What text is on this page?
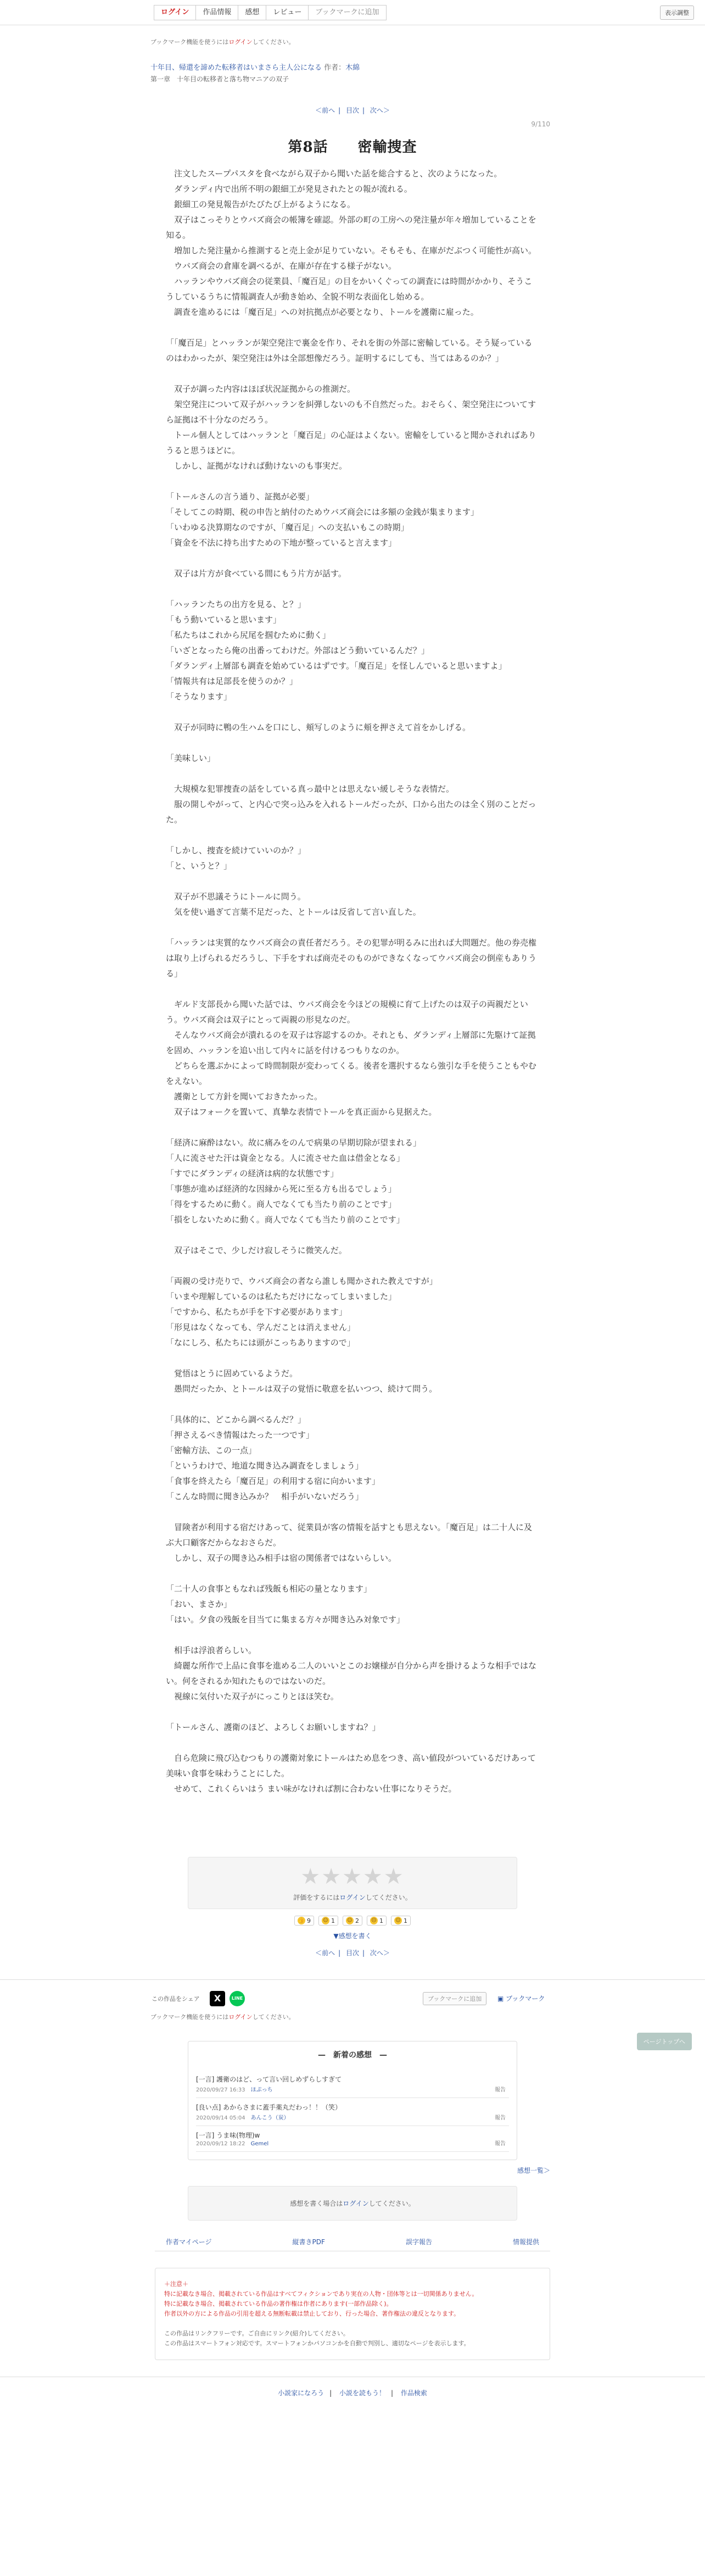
ログイン	作品情報	感想	レビュー	ブックマークに追加	表示調整
ブックマーク機能を使うにはログインしてください。
十年目、帰還を諦めた転移者はいまさら主人公になる 作者：木綿
第一章　十年目の転移者と落ち物マニアの双子
＜前へ | 目次 | 次へ＞
9/110
第8話　　密輸捜査

　注文したスープパスタを食べながら双子から聞いた話を総合すると、次のようになった。

　ダランディ内で出所不明の銀細工が発見されたとの報が流れる。

　銀細工の発見報告がたびたび上がるようになる。

　双子はこっそりとウバズ商会の帳簿を確認。外部の町の工房への発注量が年々増加していることを知る。

　増加した発注量から推測すると売上金が足りていない。そもそも、在庫がだぶつく可能性が高い。

　ウバズ商会の倉庫を調べるが、在庫が存在する様子がない。

　ハッランやウバズ商会の従業員、「魔百足」の目をかいくぐっての調査には時間がかかり、そうこうしているうちに情報調査人が動き始め、全貌不明な表面化し始める。

　調査を進めるには「魔百足」への対抗拠点が必要となり、トールを護衛に雇った。

「「魔百足」とハッランが架空発注で裏金を作り、それを街の外部に密輸している。そう疑っているのはわかったが、架空発注は外は全部想像だろう。証明するにしても、当てはあるのか？」

　双子が調った内容はほぼ状況証拠からの推測だ。

　架空発注について双子がハッランを糾弾しないのも不自然だった。おそらく、架空発注についてすら証拠は不十分なのだろう。

　トール個人としてはハッランと「魔百足」の心証はよくない。密輸をしていると聞かされればありうると思うほどに。

　しかし、証拠がなければ動けないのも事実だ。

「トールさんの言う通り、証拠が必要」

「そしてこの時期、税の申告と納付のためウバズ商会には多額の金銭が集まります」

「いわゆる決算期なのですが、「魔百足」への支払いもこの時期」

「資金を不法に持ち出すための下地が整っていると言えます」

　双子は片方が食べている間にもう片方が話す。

「ハッランたちの出方を見る、と？」

「もう動いていると思います」

「私たちはこれから尻尾を掴むために動く」

「いざとなったら俺の出番ってわけだ。外部はどう動いているんだ？」

「ダランディ上層部も調査を始めているはずです。「魔百足」を怪しんでいると思いますよ」

「情報共有は足部長を使うのか？」

「そうなります」

　双子が同時に鴨の生ハムを口にし、頬写しのように頬を押さえて首をかしげる。

「美味しい」

　大規模な犯罪捜査の話をしている真っ最中とは思えない緩しそうな表情だ。

　服の開しやがって、と内心で突っ込みを入れるトールだったが、口から出たのは全く別のことだった。

「しかし、捜査を続けていいのか？」

「と、いうと？」

　双子が不思議そうにトールに問う。

　気を使い過ぎて言葉不足だった、とトールは反省して言い直した。

「ハッランは実質的なウバズ商会の責任者だろう。その犯罪が明るみに出れば大問題だ。他の券売権は取り上げられるだろうし、下手をすれば商売そのものができなくなってウバズ商会の倒産もありうる」

　ギルド支部長から聞いた話では、ウバズ商会を今ほどの規模に育て上げたのは双子の両親だという。ウバズ商会は双子にとって両親の形見なのだ。

　そんなウバズ商会が潰れるのを双子は容認するのか。それとも、ダランディ上層部に先駆けて証拠を固め、ハッランを追い出して内々に話を付けるつもりなのか。

　どちらを選ぶかによって時間制限が変わってくる。後者を選択するなら強引な手を使うこともやむをえない。

　護衛として方針を聞いておきたかった。

　双子はフォークを置いて、真摯な表情でトールを真正面から見据えた。

「経済に麻酔はない。故に痛みをのんで病巣の早期切除が望まれる」

「人に流させた汗は資金となる。人に流させた血は借金となる」

「すでにダランディの経済は病的な状態です」

「事態が進めば経済的な因縁から死に至る方も出るでしょう」

「得をするために動く。商人でなくても当たり前のことです」

「損をしないために動く。商人でなくても当たり前のことです」

　双子はそこで、少しだけ寂しそうに微笑んだ。

「両親の受け売りで、ウバズ商会の者なら誰しも聞かされた教えですが」

「いまや理解しているのは私たちだけになってしまいました」

「ですから、私たちが手を下す必要があります」

「形見はなくなっても、学んだことは消えません」

「なにしろ、私たちには頭がこっちありますので」

　覚悟はとうに固めているようだ。

　愚問だったか、とトールは双子の覚悟に敬意を払いつつ、続けて問う。

「具体的に、どこから調べるんだ？」

「押さえるべき情報はたった一つです」

「密輸方法、この一点」

「というわけで、地道な聞き込み調査をしましょう」

「食事を終えたら「魔百足」の利用する宿に向かいます」

「こんな時間に聞き込みか？　相手がいないだろう」

　冒険者が利用する宿だけあって、従業員が客の情報を話すとも思えない。「魔百足」は二十人に及ぶ大口顧客だからなおさらだ。

　しかし、双子の聞き込み相手は宿の関係者ではないらしい。

「二十人の食事ともなれば残飯も相応の量となります」

「おい、まさか」

「はい。夕食の残飯を目当てに集まる方々が聞き込み対象です」

　相手は浮浪者らしい。

　綺麗な所作で上品に食事を進める二人のいいとこのお嬢様が自分から声を掛けるような相手ではない。何をされるか知れたものではないのだ。

　視線に気付いた双子がにっこりとほほ笑む。

「トールさん、護衛のほど、よろしくお願いしますね？」

　自ら危険に飛び込むつもりの護衛対象にトールはため息をつき、高い値段がついているだけあって美味い食事を味わうことにした。

　せめて、これくらいはう まい味がなければ割に合わない仕事になりそうだ。

★★★★★
評価をするにはログインしてください。
👍 9 ☺ 1 ☺ 2 ☹ 1 ☺ 1
▼感想を書く
＜前へ | 目次 | 次へ＞
ページトップへ
この作品をシェア	X	LINE	ブックマークに追加	▣ ブックマーク
ブックマーク機能を使うにはログインしてください。
—　新着の感想　—
[一言] 護衛のはど、って言い回しめずらしすぎて
2020/09/27 16:33 ほぷっち	報告
[良い点] あからさまに蓋手薬丸だわっ！！（笑）
2020/09/14 05:04 あんこう（炭）	報告
[一言] うま味(物理)w
2020/09/12 18:22 Gemel	報告
感想一覧＞
感想を書く場合はログインしてください。
作者マイページ	縦書きPDF	誤字報告	情報提供
＋注意＋
特に記載なき場合、掲載されている作品はすべてフィクションであり実在の人物・団体等とは一切関係ありません。
特に記載なき場合、掲載されている作品の著作権は作者にあります(一部作品除く)。
作者以外の方による作品の引用を超える無断転載は禁止しており、行った場合、著作権法の違反となります。
この作品はリンクフリーです。ご自由にリンク(紹介)してください。
この作品はスマートフォン対応です。スマートフォンかパソコンかを自動で判別し、適切なページを表示します。
小説家になろう | 小説を読もう！ | 作品検索
